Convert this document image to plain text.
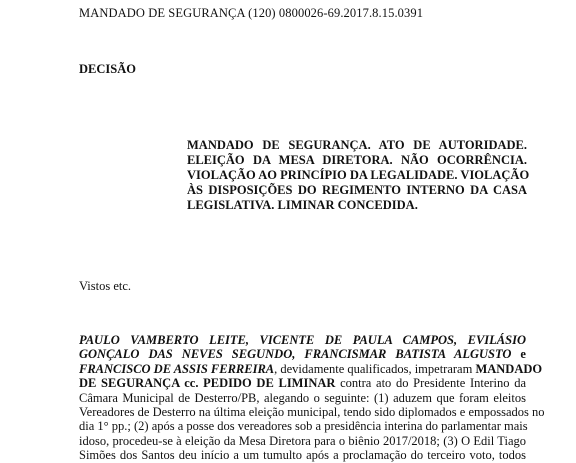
MANDADO DE SEGURANÇA (120) 0800026-69.2017.8.15.0391
DECISÃO
MANDADO DE SEGURANÇA. ATO DE AUTORIDADE.
ELEIÇÃO DA MESA DIRETORA. NÃO OCORRÊNCIA.
VIOLAÇÃO AO PRINCÍPIO DA LEGALIDADE. VIOLAÇÃO
ÀS DISPOSIÇÕES DO REGIMENTO INTERNO DA CASA
LEGISLATIVA. LIMINAR CONCEDIDA.
Vistos etc.
PAULO VAMBERTO LEITE, VICENTE DE PAULA CAMPOS, EVILÁSIO
GONÇALO DAS NEVES SEGUNDO, FRANCISMAR BATISTA ALGUSTO e
FRANCISCO DE ASSIS FERREIRA, devidamente qualificados, impetraram MANDADO
DE SEGURANÇA cc. PEDIDO DE LIMINAR contra ato do Presidente Interino da
Câmara Municipal de Desterro/PB, alegando o seguinte: (1) aduzem que foram eleitos
Vereadores de Desterro na última eleição municipal, tendo sido diplomados e empossados no
dia 1° pp.; (2) após a posse dos vereadores sob a presidência interina do parlamentar mais
idoso, procedeu-se à eleição da Mesa Diretora para o biênio 2017/2018; (3) O Edil Tiago
Simões dos Santos deu início a um tumulto após a proclamação do terceiro voto, todos
